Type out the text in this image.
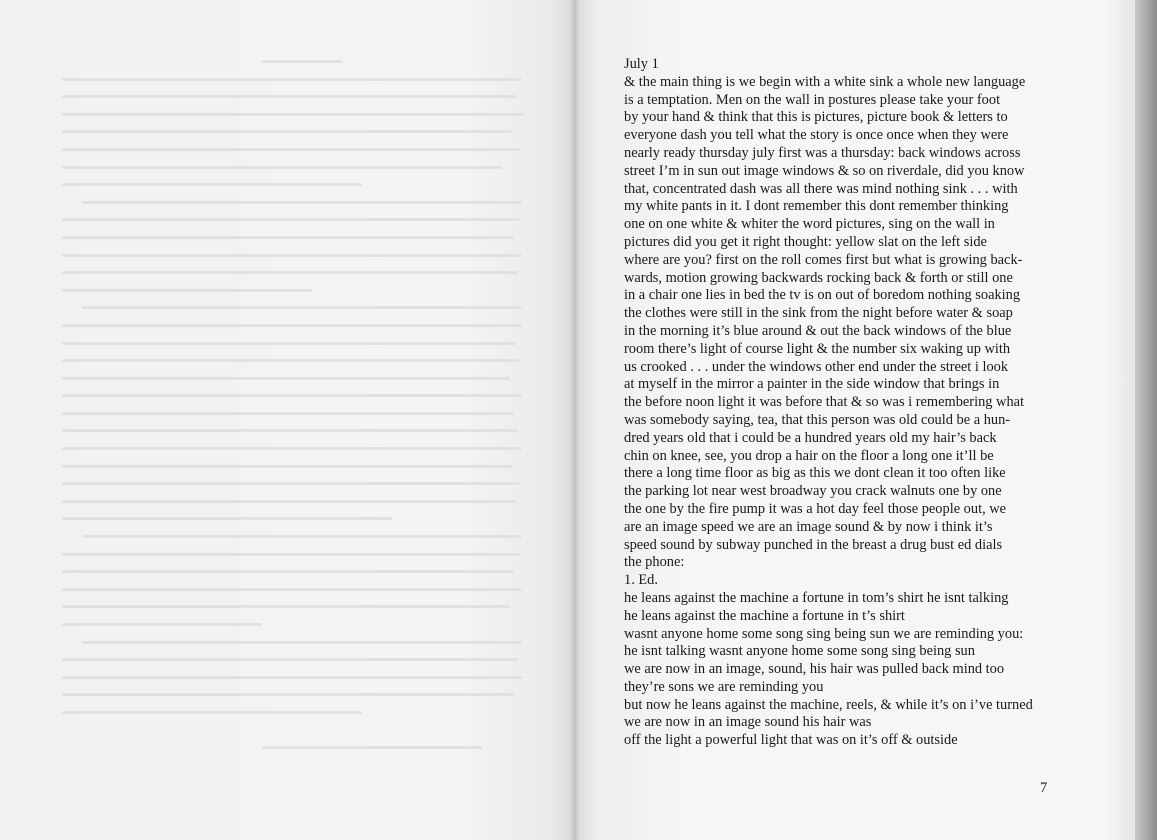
July 1
& the main thing is we begin with a white sink a whole new language
is a temptation. Men on the wall in postures please take your foot
by your hand & think that this is pictures, picture book & letters to
everyone dash you tell what the story is once once when they were
nearly ready thursday july first was a thursday: back windows across
street I’m in sun out image windows & so on riverdale, did you know
that, concentrated dash was all there was mind nothing sink . . . with
my white pants in it. I dont remember this dont remember thinking
one on one white & whiter the word pictures, sing on the wall in
pictures did you get it right thought: yellow slat on the left side
where are you? first on the roll comes first but what is growing back-
wards, motion growing backwards rocking back & forth or still one
in a chair one lies in bed the tv is on out of boredom nothing soaking
the clothes were still in the sink from the night before water & soap
in the morning it’s blue around & out the back windows of the blue
room there’s light of course light & the number six waking up with
us crooked . . . under the windows other end under the street i look
at myself in the mirror a painter in the side window that brings in
the before noon light it was before that & so was i remembering what
was somebody saying, tea, that this person was old could be a hun-
dred years old that i could be a hundred years old my hair’s back
chin on knee, see, you drop a hair on the floor a long one it’ll be
there a long time floor as big as this we dont clean it too often like
the parking lot near west broadway you crack walnuts one by one
the one by the fire pump it was a hot day feel those people out, we
are an image speed we are an image sound & by now i think it’s
speed sound by subway punched in the breast a drug bust ed dials
the phone:
1. Ed.
he leans against the machine a fortune in tom’s shirt he isnt talking
he leans against the machine a fortune in t’s shirt
wasnt anyone home some song sing being sun we are reminding you:
he isnt talking wasnt anyone home some song sing being sun
we are now in an image, sound, his hair was pulled back mind too
they’re sons we are reminding you
but now he leans against the machine, reels, & while it’s on i’ve turned
we are now in an image sound his hair was
off the light a powerful light that was on it’s off & outside
7
